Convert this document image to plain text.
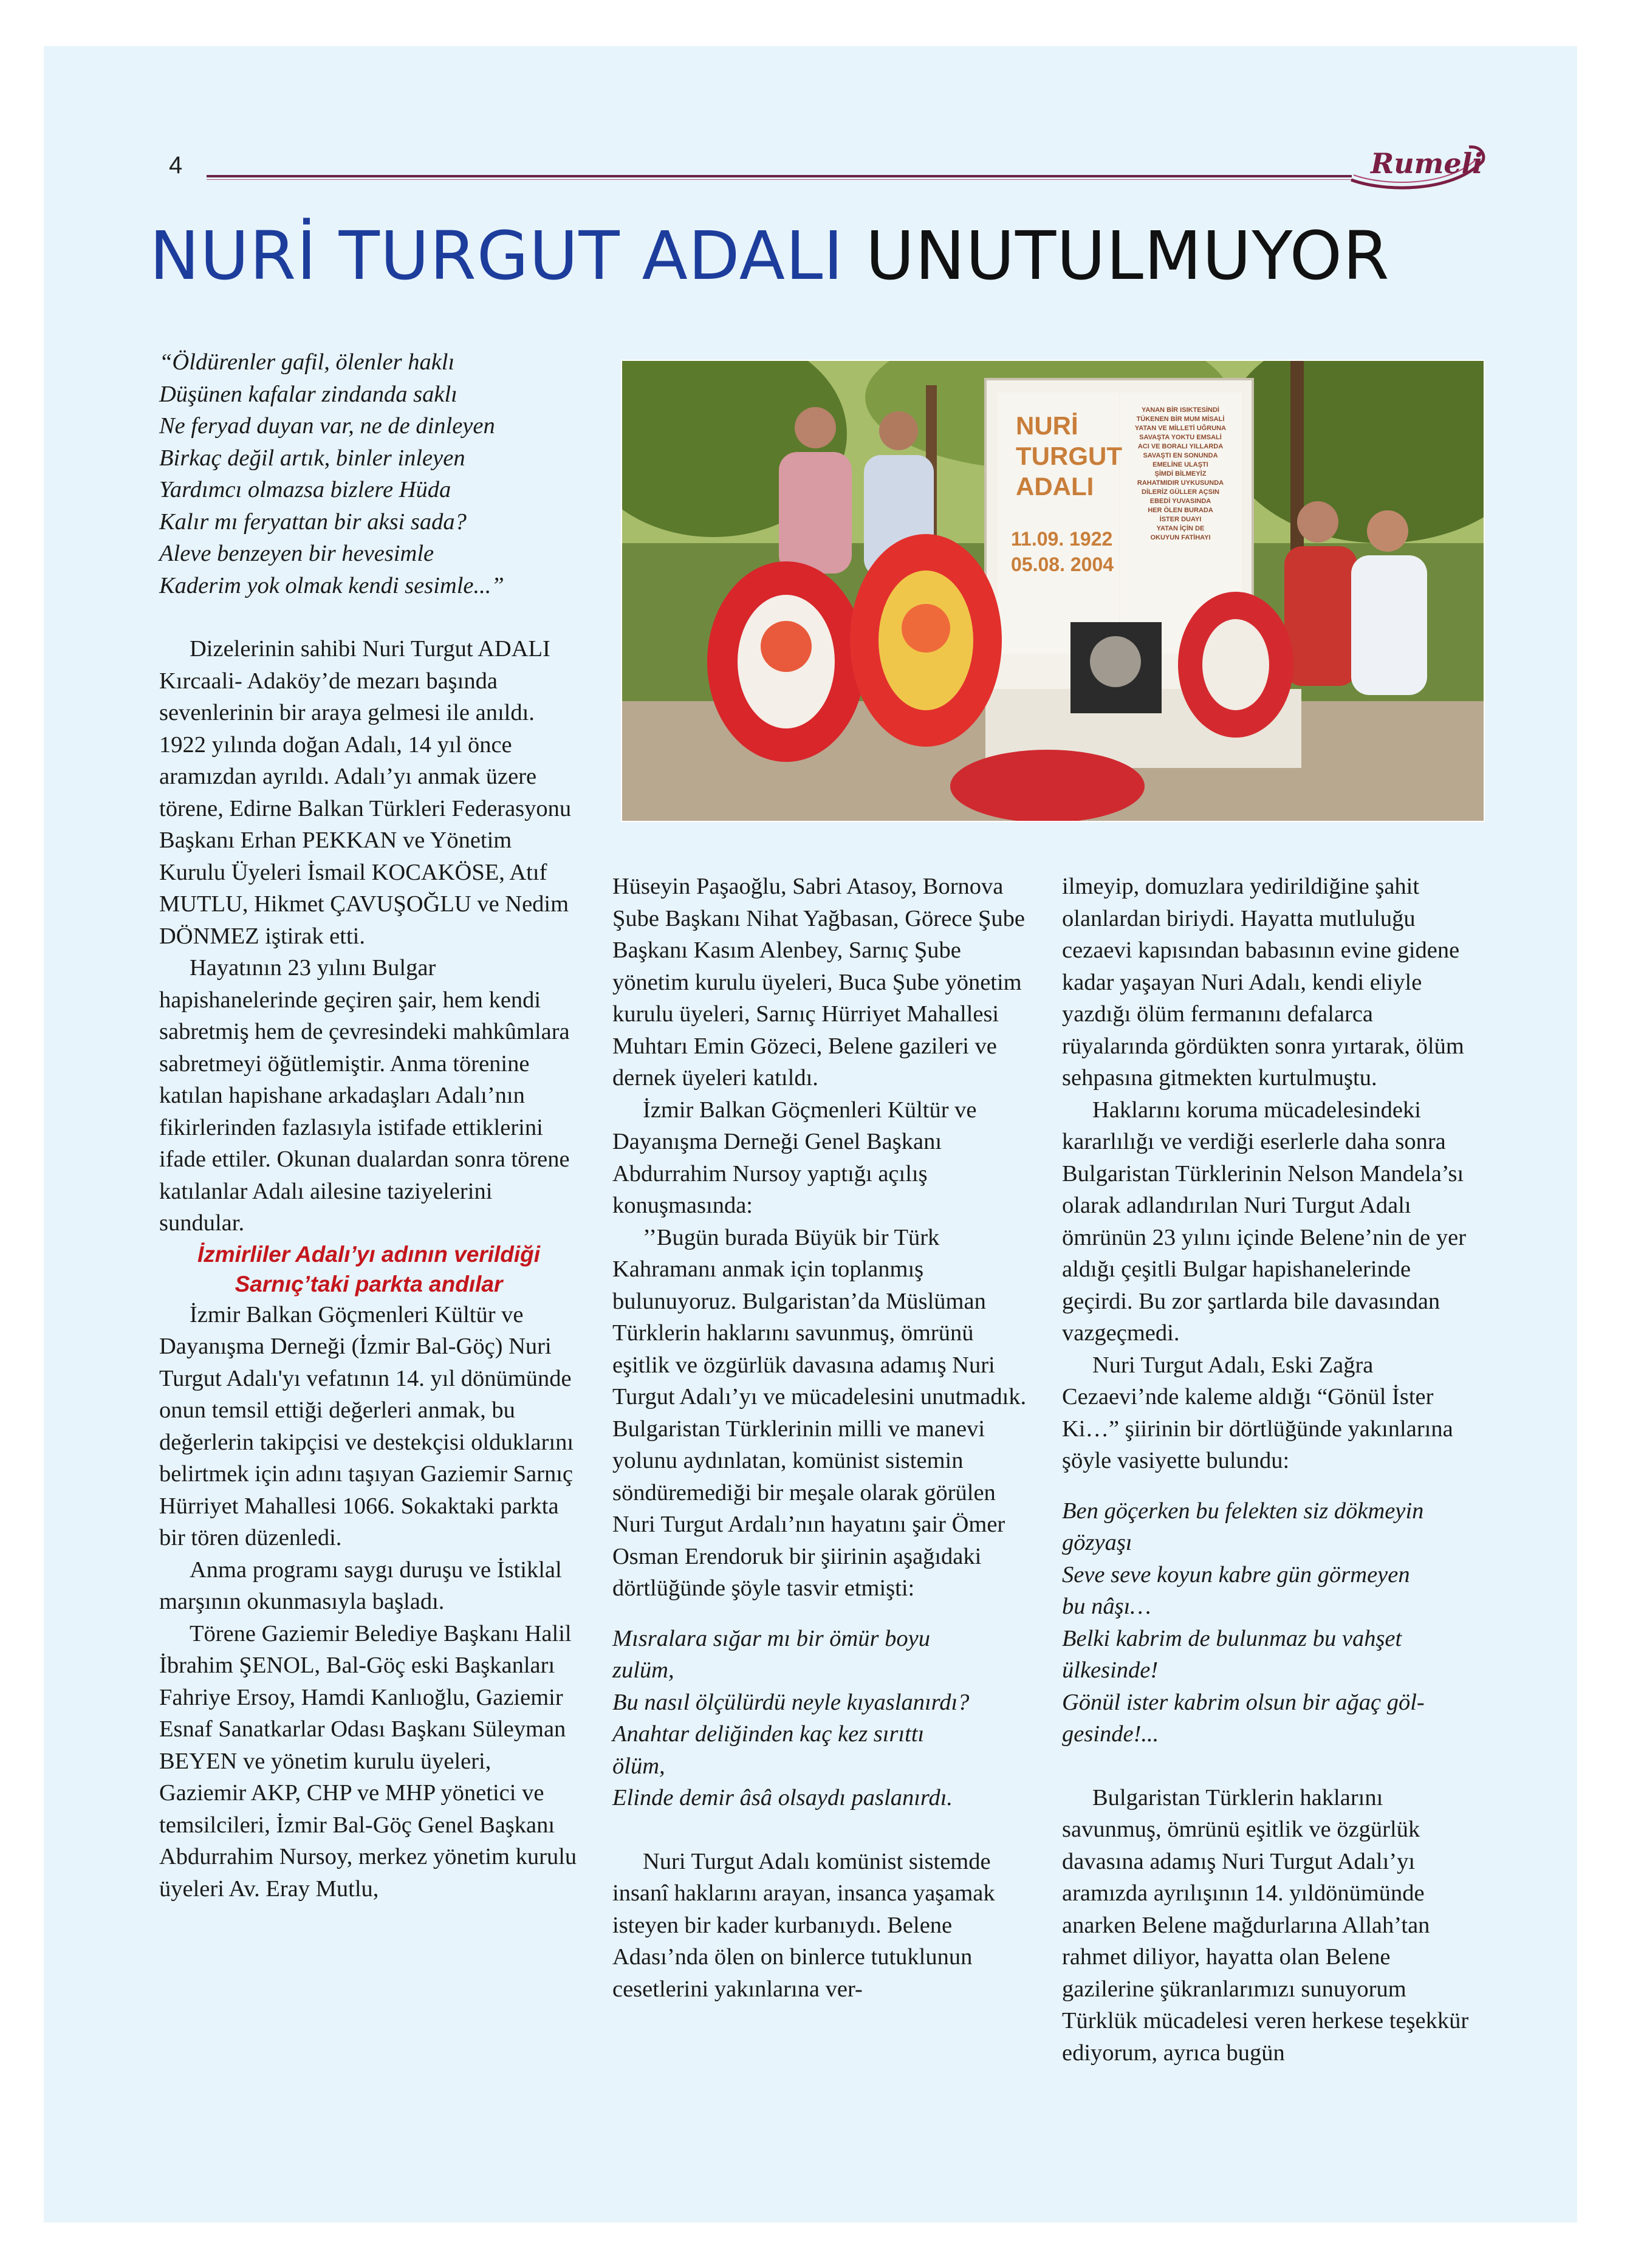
4	Rumeli
NURİ TURGUT ADALI UNUTULMUYOR
NURİ
TURGUT
ADALI
11.09. 1922
05.08. 2004
YANAN BİR ISIKTESİNDİ
TÜKENEN BİR MUM MİSALİ
YATAN VE MİLLETİ UĞRUNA
SAVAŞTA YOKTU EMSALİ
ACI VE BORALI YILLARDA
SAVAŞTI EN SONUNDA
EMELİNE ULAŞTI
ŞİMDİ BİLMEYİZ
RAHATMIDIR UYKUSUNDA
DİLERİZ GÜLLER AÇSIN
EBEDİ YUVASINDA
HER ÖLEN BURADA
İSTER DUAYI
YATAN İÇİN DE
OKUYUN FATİHAYI
“Öldürenler gafil, ölenler haklı
Düşünen kafalar zindanda saklı
Ne feryad duyan var, ne de dinleyen
Birkaç değil artık, binler inleyen
Yardımcı olmazsa bizlere Hüda
Kalır mı feryattan bir aksi sada?
Aleve benzeyen bir hevesimle
Kaderim yok olmak kendi sesimle...”

Dizelerinin sahibi Nuri Turgut ADALI Kırcaali- Adaköy’de mezarı başında sevenlerinin bir araya gelmesi ile anıldı. 1922 yılında doğan Adalı, 14 yıl önce aramızdan ayrıldı. Adalı’yı anmak üzere törene, Edirne Balkan Türkleri Federasyonu Başkanı Erhan PEKKAN ve Yönetim Kurulu Üyeleri İsmail KOCAKÖSE, Atıf MUTLU, Hikmet ÇAVUŞOĞLU ve Nedim DÖNMEZ iştirak etti.

Hayatının 23 yılını Bulgar hapishanelerinde geçiren şair, hem kendi sabretmiş hem de çevresindeki mahkûmlara sabretmeyi öğütlemiştir. Anma törenine katılan hapishane arkadaşları Adalı’nın fikirlerinden fazlasıyla istifade ettiklerini ifade ettiler. Okunan dualardan sonra törene katılanlar Adalı ailesine taziyelerini sundular.

İzmirliler Adalı’yı adının verildiği Sarnıç’taki parkta andılar

İzmir Balkan Göçmenleri Kültür ve Dayanışma Derneği (İzmir Bal-Göç) Nuri Turgut Adalı'yı vefatının 14. yıl dönümünde onun temsil ettiği değerleri anmak, bu değerlerin takipçisi ve destekçisi olduklarını belirtmek için adını taşıyan Gaziemir Sarnıç Hürriyet Mahallesi 1066. Sokaktaki parkta bir tören düzenledi.

Anma programı saygı duruşu ve İstiklal marşının okunmasıyla başladı.

Törene Gaziemir Belediye Başkanı Halil İbrahim ŞENOL, Bal-Göç eski Başkanları Fahriye Ersoy, Hamdi Kanlıoğlu, Gaziemir Esnaf Sanatkarlar Odası Başkanı Süleyman BEYEN ve yönetim kurulu üyeleri, Gaziemir AKP, CHP ve MHP yönetici ve temsilcileri, İzmir Bal-Göç Genel Başkanı Abdurrahim Nursoy, merkez yönetim kurulu üyeleri Av. Eray Mutlu,

Hüseyin Paşaoğlu, Sabri Atasoy, Bornova Şube Başkanı Nihat Yağbasan, Görece Şube Başkanı Kasım Alenbey, Sarnıç Şube yönetim kurulu üyeleri, Buca Şube yönetim kurulu üyeleri, Sarnıç Hürriyet Mahallesi Muhtarı Emin Gözeci, Belene gazileri ve dernek üyeleri katıldı.

İzmir Balkan Göçmenleri Kültür ve Dayanışma Derneği Genel Başkanı Abdurrahim Nursoy yaptığı açılış konuşmasında:

’’Bugün burada Büyük bir Türk Kahramanı anmak için toplanmış bulunuyoruz. Bulgaristan’da Müslüman Türklerin haklarını savunmuş, ömrünü eşitlik ve özgürlük davasına adamış Nuri Turgut Adalı’yı ve mücadelesini unutmadık. Bulgaristan Türklerinin milli ve manevi yolunu aydınlatan, komünist sistemin söndüremediği bir meşale olarak görülen Nuri Turgut Ardalı’nın hayatını şair Ömer Osman Erendoruk bir şiirinin aşağıdaki dörtlüğünde şöyle tasvir etmişti:

Mısralara sığar mı bir ömür boyu
zulüm,
Bu nasıl ölçülürdü neyle kıyaslanırdı?
Anahtar deliğinden kaç kez sırıttı
ölüm,
Elinde demir âsâ olsaydı paslanırdı.

Nuri Turgut Adalı komünist sistemde insanî haklarını arayan, insanca yaşamak isteyen bir kader kurbanıydı. Belene Adası’nda ölen on binlerce tutuklunun cesetlerini yakınlarına ver-

ilmeyip, domuzlara yedirildiğine şahit olanlardan biriydi. Hayatta mutluluğu cezaevi kapısından babasının evine gidene kadar yaşayan Nuri Adalı, kendi eliyle yazdığı ölüm fermanını defalarca rüyalarında gördükten sonra yırtarak, ölüm sehpasına gitmekten kurtulmuştu.

Haklarını koruma mücadelesindeki kararlılığı ve verdiği eserlerle daha sonra Bulgaristan Türklerinin Nelson Mandela’sı olarak adlandırılan Nuri Turgut Adalı ömrünün 23 yılını içinde Belene’nin de yer aldığı çeşitli Bulgar hapishanelerinde geçirdi. Bu zor şartlarda bile davasından vazgeçmedi.

Nuri Turgut Adalı, Eski Zağra Cezaevi’nde kaleme aldığı “Gönül İster Ki…” şiirinin bir dörtlüğünde yakınlarına şöyle vasiyette bulundu:

Ben göçerken bu felekten siz dökmeyin
gözyaşı
Seve seve koyun kabre gün görmeyen
bu nâşı…
Belki kabrim de bulunmaz bu vahşet
ülkesinde!
Gönül ister kabrim olsun bir ağaç göl-
gesinde!...

Bulgaristan Türklerin haklarını savunmuş, ömrünü eşitlik ve özgürlük davasına adamış Nuri Turgut Adalı’yı aramızda ayrılışının 14. yıldönümünde anarken Belene mağdurlarına Allah’tan rahmet diliyor, hayatta olan Belene gazilerine şükranlarımızı sunuyorum Türklük mücadelesi veren herkese teşekkür ediyorum, ayrıca bugün
